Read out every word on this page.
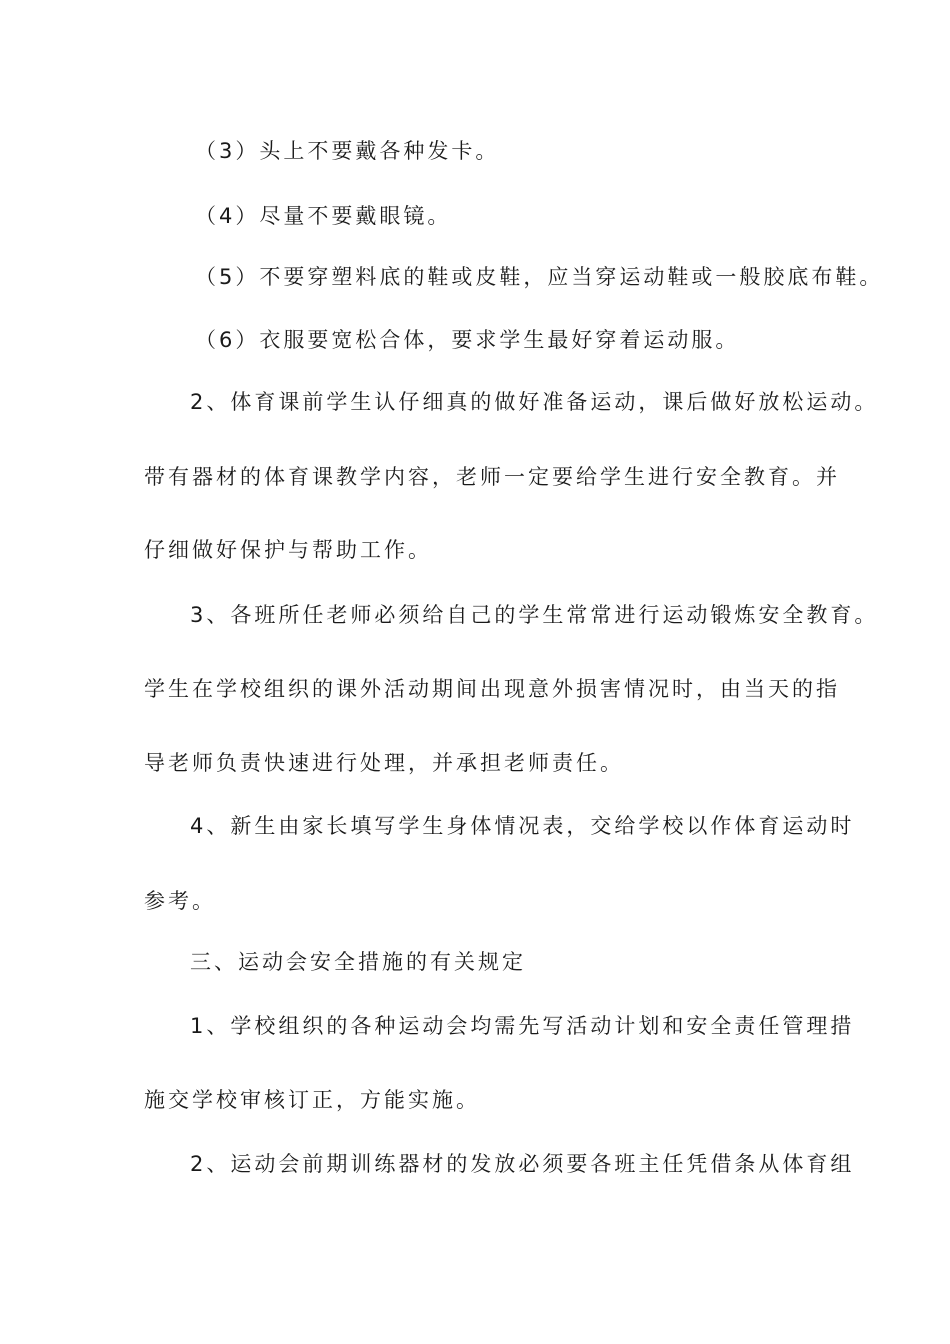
（3）头上不要戴各种发卡。
（4）尽量不要戴眼镜。
（5）不要穿塑料底的鞋或皮鞋，应当穿运动鞋或一般胶底布鞋。
（6）衣服要宽松合体，要求学生最好穿着运动服。
2、体育课前学生认仔细真的做好准备运动，课后做好放松运动。
带有器材的体育课教学内容，老师一定要给学生进行安全教育。并
仔细做好保护与帮助工作。
3、各班所任老师必须给自己的学生常常进行运动锻炼安全教育。
学生在学校组织的课外活动期间出现意外损害情况时，由当天的指
导老师负责快速进行处理，并承担老师责任。
4、新生由家长填写学生身体情况表，交给学校以作体育运动时
参考。
三、运动会安全措施的有关规定
1、学校组织的各种运动会均需先写活动计划和安全责任管理措
施交学校审核订正，方能实施。
2、运动会前期训练器材的发放必须要各班主任凭借条从体育组
